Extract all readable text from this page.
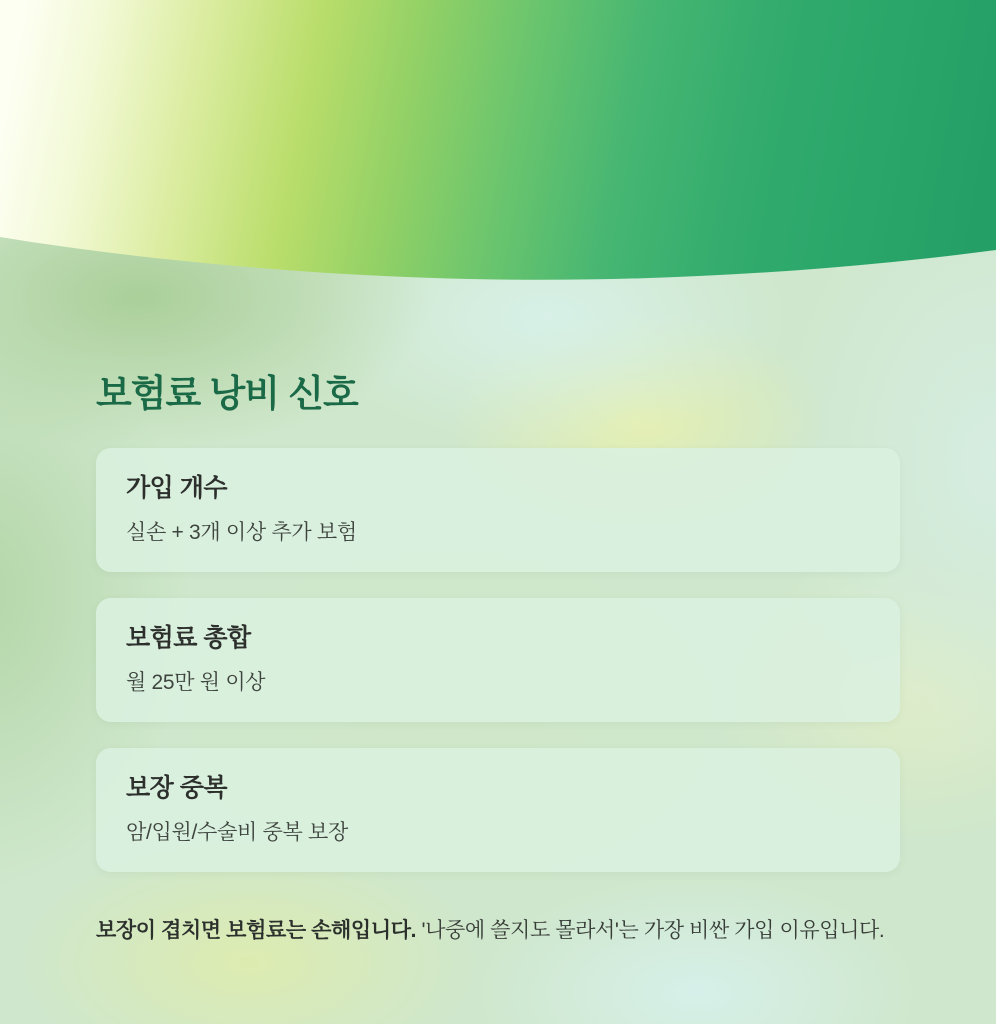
보험료 낭비 신호

가입 개수

실손 + 3개 이상 추가 보험

보험료 총합

월 25만 원 이상

보장 중복

암/입원/수술비 중복 보장

보장이 겹치면 보험료는 손해입니다. '나중에 쓸지도 몰라서'는 가장 비싼 가입 이유입니다.
